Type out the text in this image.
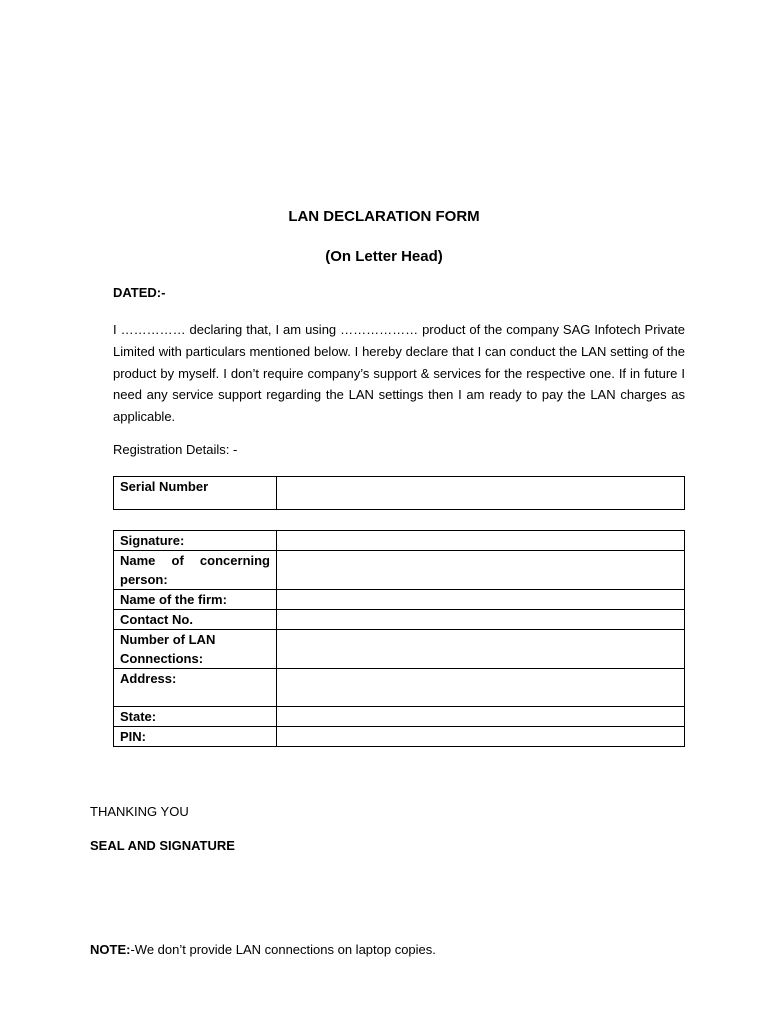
LAN DECLARATION FORM
(On Letter Head)
DATED:-
I …………… declaring that, I am using ……………… product of the company SAG Infotech Private Limited with particulars mentioned below. I hereby declare that I can conduct the LAN setting of the product by myself. I don’t require company’s support & services for the respective one. If in future I need any service support regarding the LAN settings then I am ready to pay the LAN charges as applicable.
Registration Details: -
Serial Number	
Signature:	

Name of concerning
person:	

Name of the firm:	
Contact No.	

Number of LAN
Connections:	

Address:	
State:	
PIN:	
THANKING YOU
SEAL AND SIGNATURE
NOTE:-We don’t provide LAN connections on laptop copies.
